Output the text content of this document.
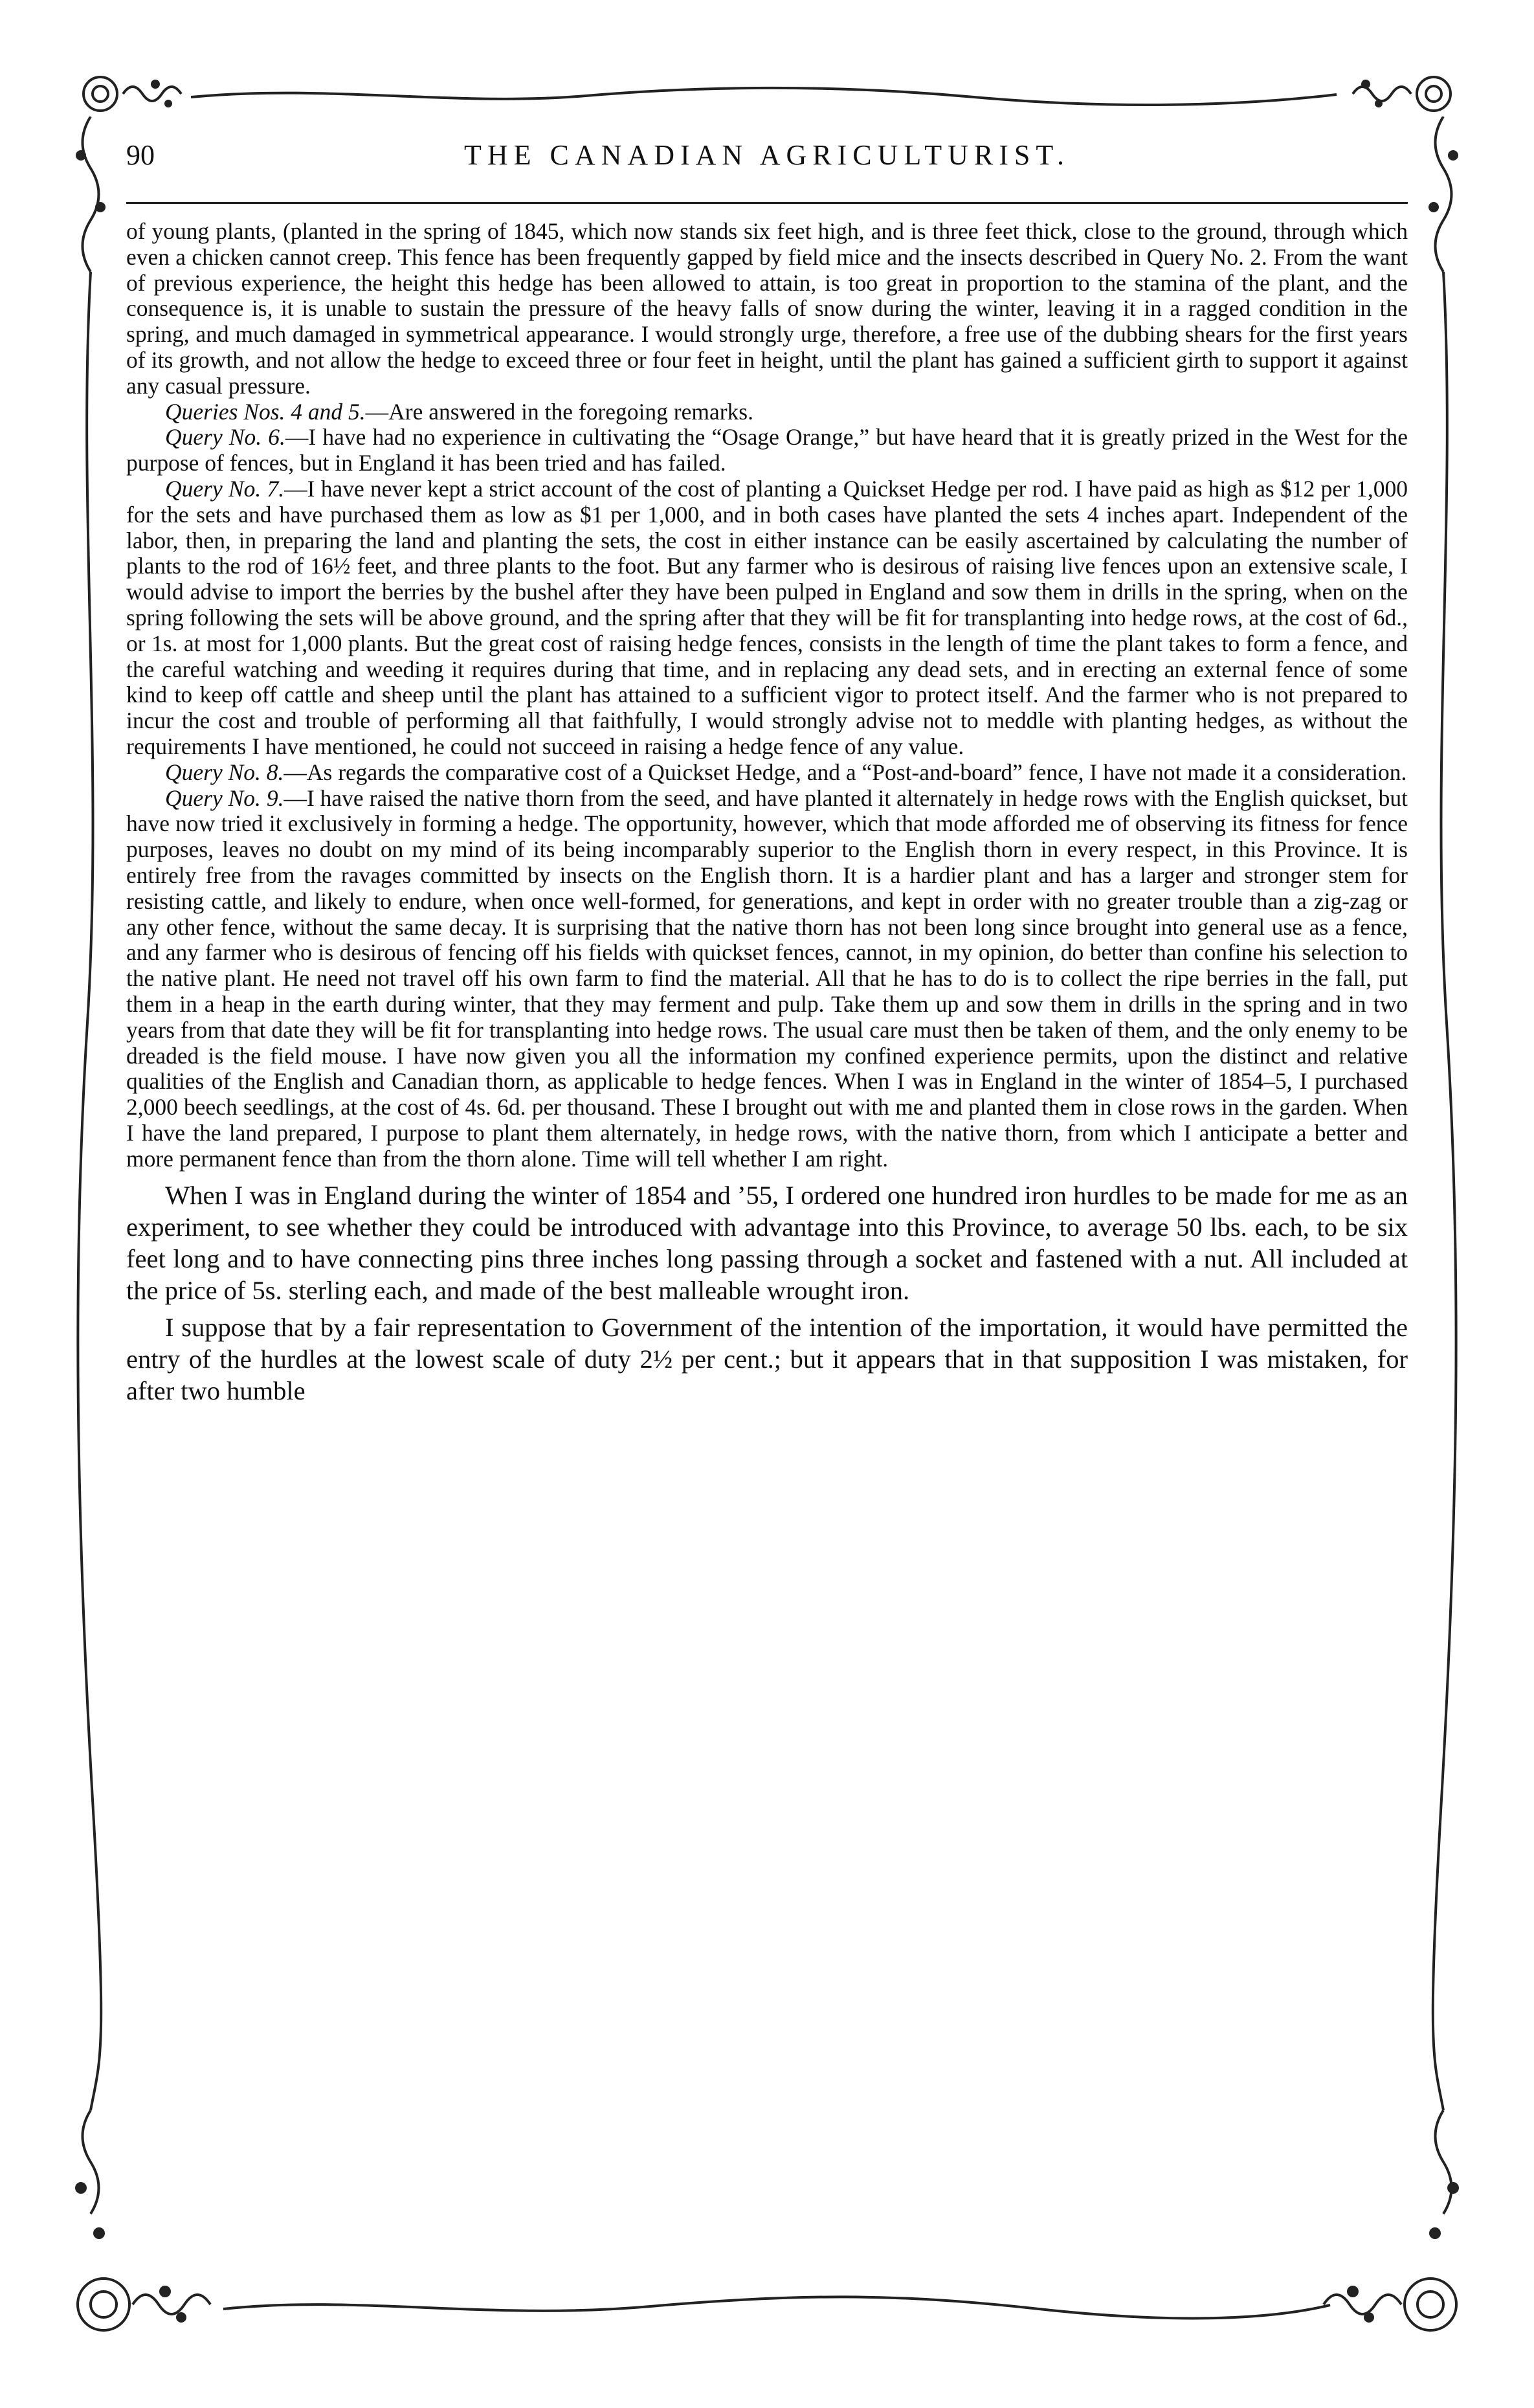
90	THE CANADIAN AGRICULTURIST.

of young plants, (planted in the spring of 1845, which now stands six feet high, and is three feet thick, close to the ground, through which even a chicken cannot creep. This fence has been frequently gapped by field mice and the insects described in Query No. 2. From the want of previous experience, the height this hedge has been allowed to attain, is too great in proportion to the stamina of the plant, and the consequence is, it is unable to sustain the pressure of the heavy falls of snow during the winter, leaving it in a ragged condition in the spring, and much damaged in symmetrical appearance. I would strongly urge, therefore, a free use of the dubbing shears for the first years of its growth, and not allow the hedge to exceed three or four feet in height, until the plant has gained a sufficient girth to support it against any casual pressure.

Queries Nos. 4 and 5.—Are answered in the foregoing remarks.

Query No. 6.—I have had no experience in cultivating the “Osage Orange,” but have heard that it is greatly prized in the West for the purpose of fences, but in England it has been tried and has failed.

Query No. 7.—I have never kept a strict account of the cost of planting a Quickset Hedge per rod. I have paid as high as $12 per 1,000 for the sets and have purchased them as low as $1 per 1,000, and in both cases have planted the sets 4 inches apart. Independent of the labor, then, in preparing the land and planting the sets, the cost in either instance can be easily ascertained by calculating the number of plants to the rod of 16½ feet, and three plants to the foot. But any farmer who is desirous of raising live fences upon an extensive scale, I would advise to import the berries by the bushel after they have been pulped in England and sow them in drills in the spring, when on the spring following the sets will be above ground, and the spring after that they will be fit for transplanting into hedge rows, at the cost of 6d., or 1s. at most for 1,000 plants. But the great cost of raising hedge fences, consists in the length of time the plant takes to form a fence, and the careful watching and weeding it requires during that time, and in replacing any dead sets, and in erecting an external fence of some kind to keep off cattle and sheep until the plant has attained to a sufficient vigor to protect itself. And the farmer who is not prepared to incur the cost and trouble of performing all that faithfully, I would strongly advise not to meddle with planting hedges, as without the requirements I have mentioned, he could not succeed in raising a hedge fence of any value.

Query No. 8.—As regards the comparative cost of a Quickset Hedge, and a “Post-and-board” fence, I have not made it a consideration.

Query No. 9.—I have raised the native thorn from the seed, and have planted it alternately in hedge rows with the English quickset, but have now tried it exclusively in forming a hedge. The opportunity, however, which that mode afforded me of observing its fitness for fence purposes, leaves no doubt on my mind of its being incomparably superior to the English thorn in every respect, in this Province. It is entirely free from the ravages committed by insects on the English thorn. It is a hardier plant and has a larger and stronger stem for resisting cattle, and likely to endure, when once well-formed, for generations, and kept in order with no greater trouble than a zig-zag or any other fence, without the same decay. It is surprising that the native thorn has not been long since brought into general use as a fence, and any farmer who is desirous of fencing off his fields with quickset fences, cannot, in my opinion, do better than confine his selection to the native plant. He need not travel off his own farm to find the material. All that he has to do is to collect the ripe berries in the fall, put them in a heap in the earth during winter, that they may ferment and pulp. Take them up and sow them in drills in the spring and in two years from that date they will be fit for transplanting into hedge rows. The usual care must then be taken of them, and the only enemy to be dreaded is the field mouse. I have now given you all the information my confined experience permits, upon the distinct and relative qualities of the English and Canadian thorn, as applicable to hedge fences. When I was in England in the winter of 1854–5, I purchased 2,000 beech seedlings, at the cost of 4s. 6d. per thousand. These I brought out with me and planted them in close rows in the garden. When I have the land prepared, I purpose to plant them alternately, in hedge rows, with the native thorn, from which I anticipate a better and more permanent fence than from the thorn alone. Time will tell whether I am right.

When I was in England during the winter of 1854 and ’55, I ordered one hundred iron hurdles to be made for me as an experiment, to see whether they could be introduced with advantage into this Province, to average 50 lbs. each, to be six feet long and to have connecting pins three inches long passing through a socket and fastened with a nut. All included at the price of 5s. sterling each, and made of the best malleable wrought iron.

I suppose that by a fair representation to Government of the intention of the importation, it would have permitted the entry of the hurdles at the lowest scale of duty 2½ per cent.; but it appears that in that supposition I was mistaken, for after two humble
